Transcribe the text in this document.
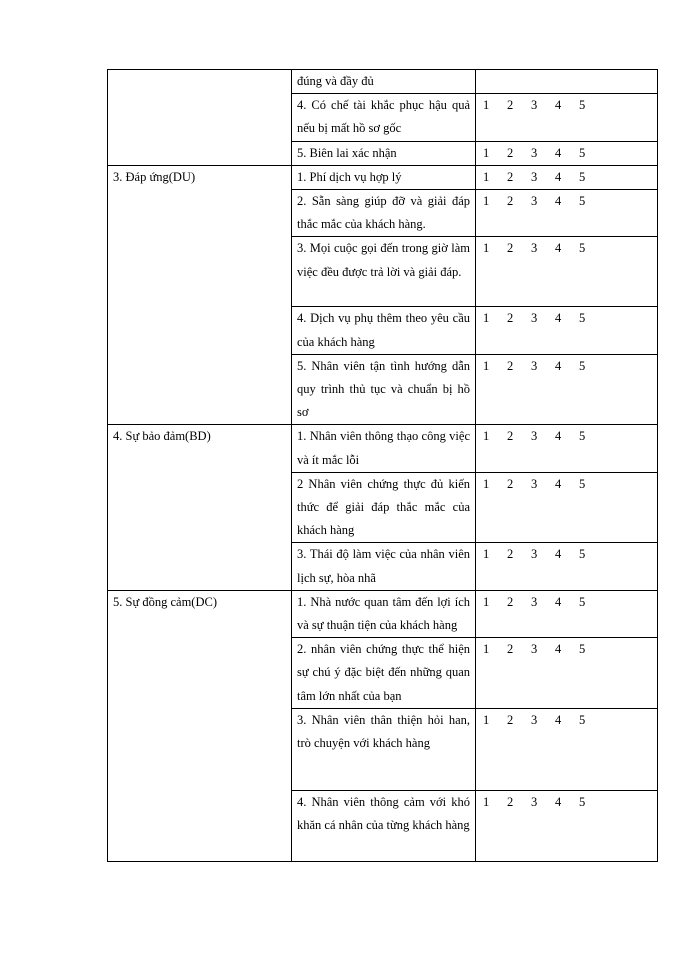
	đúng và đầy đủ	

	4. Có chế tài khắc phục hậu quả nếu bị mất hồ sơ gốc	1 2 3 4 5

	5. Biên lai xác nhận	1 2 3 4 5

3. Đáp ứng(DU)	1. Phí dịch vụ hợp lý	1 2 3 4 5

	2. Sẵn sàng giúp đỡ và giải đáp thắc mắc của khách hàng.	1 2 3 4 5

	3. Mọi cuộc gọi đến trong giờ làm việc đều được trả lời và giải đáp.	1 2 3 4 5

	4. Dịch vụ phụ thêm theo yêu cầu của khách hàng	1 2 3 4 5

	5. Nhân viên tận tình hướng dẫn quy trình thủ tục và chuẩn bị hồ sơ	1 2 3 4 5

4. Sự bảo đảm(BD)	1. Nhân viên thông thạo công việc và ít mắc lỗi	1 2 3 4 5

	2 Nhân viên chứng thực đủ kiến thức để giải đáp thắc mắc của khách hàng	1 2 3 4 5

	3. Thái độ làm việc của nhân viên lịch sự, hòa nhã	1 2 3 4 5

5. Sự đồng cảm(DC)	1. Nhà nước quan tâm đến lợi ích và sự thuận tiện của khách hàng	1 2 3 4 5

	2. nhân viên chứng thực thể hiện sự chú ý đặc biệt đến những quan tâm lớn nhất của bạn	1 2 3 4 5

	3. Nhân viên thân thiện hỏi han, trò chuyện với khách hàng	1 2 3 4 5

	4. Nhân viên thông cảm với khó khăn cá nhân của từng khách hàng	1 2 3 4 5
